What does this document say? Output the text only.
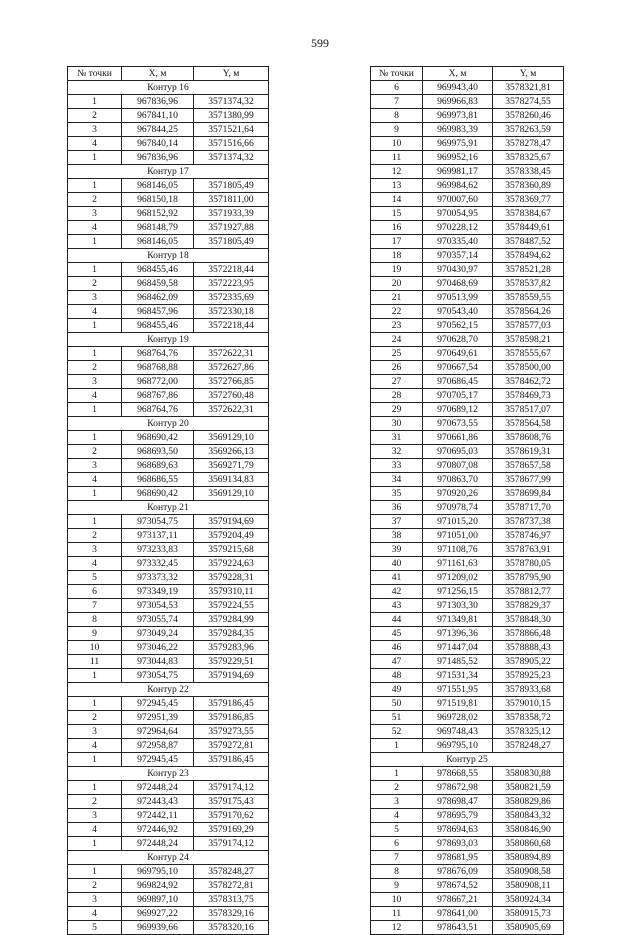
599
№ точки	X, м	Y, м
Контур 16		
1	967836,96	3571374,32
2	967841,10	3571380,99
3	967844,25	3571521,64
4	967840,14	3571516,66
1	967836,96	3571374,32
Контур 17		
1	968146,05	3571805,49
2	968150,18	3571811,00
3	968152,92	3571933,39
4	968148,79	3571927,88
1	968146,05	3571805,49
Контур 18		
1	968455,46	3572218,44
2	968459,58	3572223,95
3	968462,09	3572335,69
4	968457,96	3572330,18
1	968455,46	3572218,44
Контур 19		
1	968764,76	3572622,31
2	968768,88	3572627,86
3	968772,00	3572766,85
4	968767,86	3572760,48
1	968764,76	3572622,31
Контур 20		
1	968690,42	3569129,10
2	968693,50	3569266,13
3	968689,63	3569271,79
4	968686,55	3569134,83
1	968690,42	3569129,10
Контур 21		
1	973054,75	3579194,69
2	973137,11	3579204,49
3	973233,83	3579215,68
4	973332,45	3579224,63
5	973373,32	3579228,31
6	973349,19	3579310,11
7	973054,53	3579224,55
8	973055,74	3579284,99
9	973049,24	3579284,35
10	973046,22	3579283,96
11	973044,83	3579229,51
1	973054,75	3579194,69
Контур 22		
1	972945,45	3579186,45
2	972951,39	3579186,85
3	972964,64	3579273,55
4	972958,87	3579272,81
1	972945,45	3579186,45
Контур 23		
1	972448,24	3579174,12
2	972443,43	3579175,43
3	972442,11	3579170,62
4	972446,92	3579169,29
1	972448,24	3579174,12
Контур 24		
1	969795,10	3578248,27
2	969824,92	3578272,81
3	969897,10	3578313,75
4	969927,22	3578329,16
5	969939,66	3578320,16
№ точки	X, м	Y, м
6	969943,40	3578321,81
7	969966,83	3578274,55
8	969973,81	3578260,46
9	969983,39	3578263,59
10	969975,91	3578278,47
11	969952,16	3578325,67
12	969981,17	3578338,45
13	969984,62	3578360,89
14	970007,60	3578369,77
15	970054,95	3578384,67
16	970228,12	3578449,61
17	970335,40	3578487,52
18	970357,14	3578494,62
19	970430,97	3578521,28
20	970468,69	3578537,82
21	970513,99	3578559,55
22	970543,40	3578564,26
23	970562,15	3578577,03
24	970628,70	3578598,21
25	970649,61	3578555,67
26	970667,54	3578500,00
27	970686,45	3578462,72
28	970705,17	3578469,73
29	970689,12	3578517,07
30	970673,55	3578564,58
31	970661,86	3578608,76
32	970695,03	3578619,31
33	970807,08	3578657,58
34	970863,70	3578677,99
35	970920,26	3578699,84
36	970978,74	3578717,70
37	971015,20	3578737,38
38	971051,00	3578746,97
39	971108,76	3578763,91
40	971161,63	3578780,05
41	971209,02	3578795,90
42	971256,15	3578812,77
43	971303,30	3578829,37
44	971349,81	3578848,30
45	971396,36	3578866,48
46	971447,04	3578888,43
47	971485,52	3578905,22
48	971531,34	3578925,23
49	971551,95	3578933,68
50	971519,81	3579010,15
51	969728,02	3578358,72
52	969748,43	3578325,12
1	969795,10	3578248,27
Контур 25		
1	978668,55	3580830,88
2	978672,98	3580821,59
3	978698,47	3580829,86
4	978695,79	3580843,32
5	978694,63	3580846,90
6	978693,03	3580860,68
7	978681,95	3580894,89
8	978676,09	3580908,58
9	978674,52	3580908,11
10	978667,21	3580924,34
11	978641,00	3580915,73
12	978643,51	3580905,69
